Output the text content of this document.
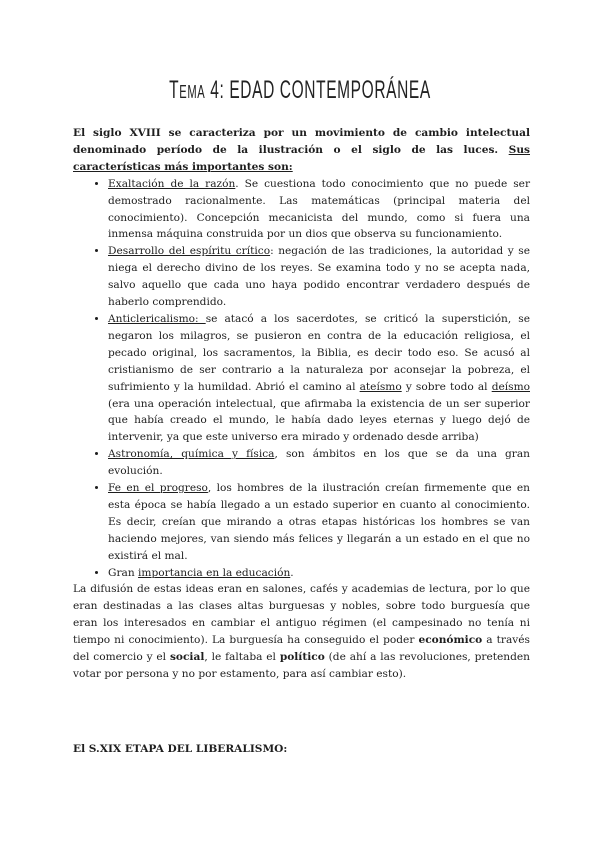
Tema 4: EDAD CONTEMPORÁNEA

El siglo XVIII se caracteriza por un movimiento de cambio intelectual denominado período de la ilustración o el siglo de las luces. Sus características más importantes son:

• Exaltación de la razón. Se cuestiona todo conocimiento que no puede ser demostrado racionalmente. Las matemáticas (principal materia del conocimiento). Concepción mecanicista del mundo, como si fuera una inmensa máquina construida por un dios que observa su funcionamiento.
• Desarrollo del espíritu crítico: negación de las tradiciones, la autoridad y se niega el derecho divino de los reyes. Se examina todo y no se acepta nada, salvo aquello que cada uno haya podido encontrar verdadero después de haberlo comprendido.
• Anticlericalismo: se atacó a los sacerdotes, se criticó la superstición, se negaron los milagros, se pusieron en contra de la educación religiosa, el pecado original, los sacramentos, la Biblia, es decir todo eso. Se acusó al cristianismo de ser contrario a la naturaleza por aconsejar la pobreza, el sufrimiento y la humildad. Abrió el camino al ateísmo y sobre todo al deísmo (era una operación intelectual, que afirmaba la existencia de un ser superior que había creado el mundo, le había dado leyes eternas y luego dejó de intervenir, ya que este universo era mirado y ordenado desde arriba)
• Astronomía, química y física, son ámbitos en los que se da una gran evolución.
• Fe en el progreso, los hombres de la ilustración creían firmemente que en esta época se había llegado a un estado superior en cuanto al conocimiento. Es decir, creían que mirando a otras etapas históricas los hombres se van haciendo mejores, van siendo más felices y llegarán a un estado en el que no existirá el mal.
• Gran importancia en la educación.

La difusión de estas ideas eran en salones, cafés y academias de lectura, por lo que eran destinadas a las clases altas burguesas y nobles, sobre todo burguesía que eran los interesados en cambiar el antiguo régimen (el campesinado no tenía ni tiempo ni conocimiento). La burguesía ha conseguido el poder económico a través del comercio y el social, le faltaba el político (de ahí a las revoluciones, pretenden votar por persona y no por estamento, para así cambiar esto).

El S.XIX ETAPA DEL LIBERALISMO:
